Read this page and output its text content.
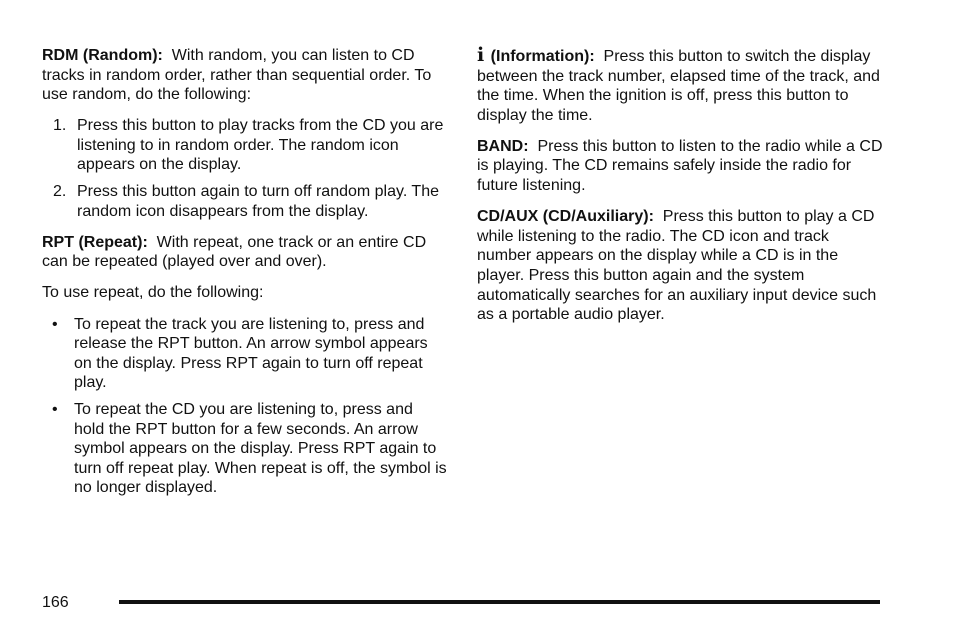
RDM (Random): With random, you can listen to CD tracks in random order, rather than sequential order. To use random, do the following:

1. Press this button to play tracks from the CD you are listening to in random order. The random icon appears on the display.
2. Press this button again to turn off random play. The random icon disappears from the display.

RPT (Repeat): With repeat, one track or an entire CD can be repeated (played over and over).

To use repeat, do the following:

• To repeat the track you are listening to, press and release the RPT button. An arrow symbol appears on the display. Press RPT again to turn off repeat play.
• To repeat the CD you are listening to, press and hold the RPT button for a few seconds. An arrow symbol appears on the display. Press RPT again to turn off repeat play. When repeat is off, the symbol is no longer displayed.

i (Information): Press this button to switch the display between the track number, elapsed time of the track, and the time. When the ignition is off, press this button to display the time.

BAND: Press this button to listen to the radio while a CD is playing. The CD remains safely inside the radio for future listening.

CD/AUX (CD/Auxiliary): Press this button to play a CD while listening to the radio. The CD icon and track number appears on the display while a CD is in the player. Press this button again and the system automatically searches for an auxiliary input device such as a portable audio player.

166
